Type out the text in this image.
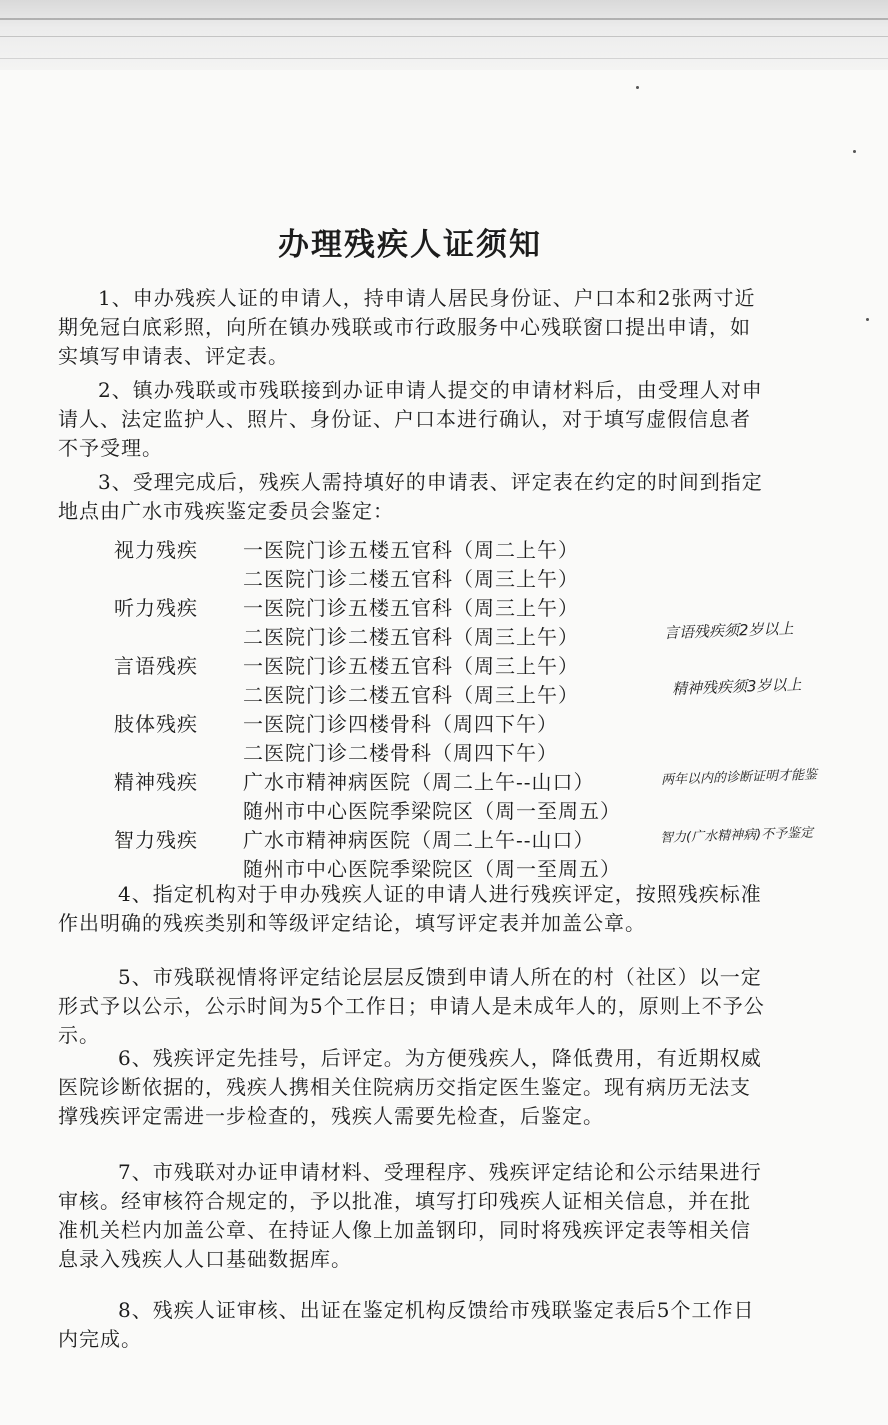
办理残疾人证须知

1、申办残疾人证的申请人，持申请人居民身份证、户口本和2张两寸近期免冠白底彩照，向所在镇办残联或市行政服务中心残联窗口提出申请，如实填写申请表、评定表。

2、镇办残联或市残联接到办证申请人提交的申请材料后，由受理人对申请人、法定监护人、照片、身份证、户口本进行确认，对于填写虚假信息者不予受理。

3、受理完成后，残疾人需持填好的申请表、评定表在约定的时间到指定地点由广水市残疾鉴定委员会鉴定：

视力残疾 一医院门诊五楼五官科（周二上午）
二医院门诊二楼五官科（周三上午）
听力残疾 一医院门诊五楼五官科（周三上午）
二医院门诊二楼五官科（周三上午）
言语残疾 一医院门诊五楼五官科（周三上午）
二医院门诊二楼五官科（周三上午）
肢体残疾 一医院门诊四楼骨科（周四下午）
二医院门诊二楼骨科（周四下午）
精神残疾 广水市精神病医院（周二上午--山口）
随州市中心医院季梁院区（周一至周五）
智力残疾 广水市精神病医院（周二上午--山口）
随州市中心医院季梁院区（周一至周五）
言语残疾须2岁以上
精神残疾须3岁以上
两年以内的诊断证明才能鉴
智力(广水精神病)不予鉴定

4、指定机构对于申办残疾人证的申请人进行残疾评定，按照残疾标准作出明确的残疾类别和等级评定结论，填写评定表并加盖公章。

5、市残联视情将评定结论层层反馈到申请人所在的村（社区）以一定形式予以公示，公示时间为5个工作日；申请人是未成年人的，原则上不予公示。

6、残疾评定先挂号，后评定。为方便残疾人，降低费用，有近期权威医院诊断依据的，残疾人携相关住院病历交指定医生鉴定。现有病历无法支撑残疾评定需进一步检查的，残疾人需要先检查，后鉴定。

7、市残联对办证申请材料、受理程序、残疾评定结论和公示结果进行审核。经审核符合规定的，予以批准，填写打印残疾人证相关信息，并在批准机关栏内加盖公章、在持证人像上加盖钢印，同时将残疾评定表等相关信息录入残疾人人口基础数据库。

8、残疾人证审核、出证在鉴定机构反馈给市残联鉴定表后5个工作日内完成。
